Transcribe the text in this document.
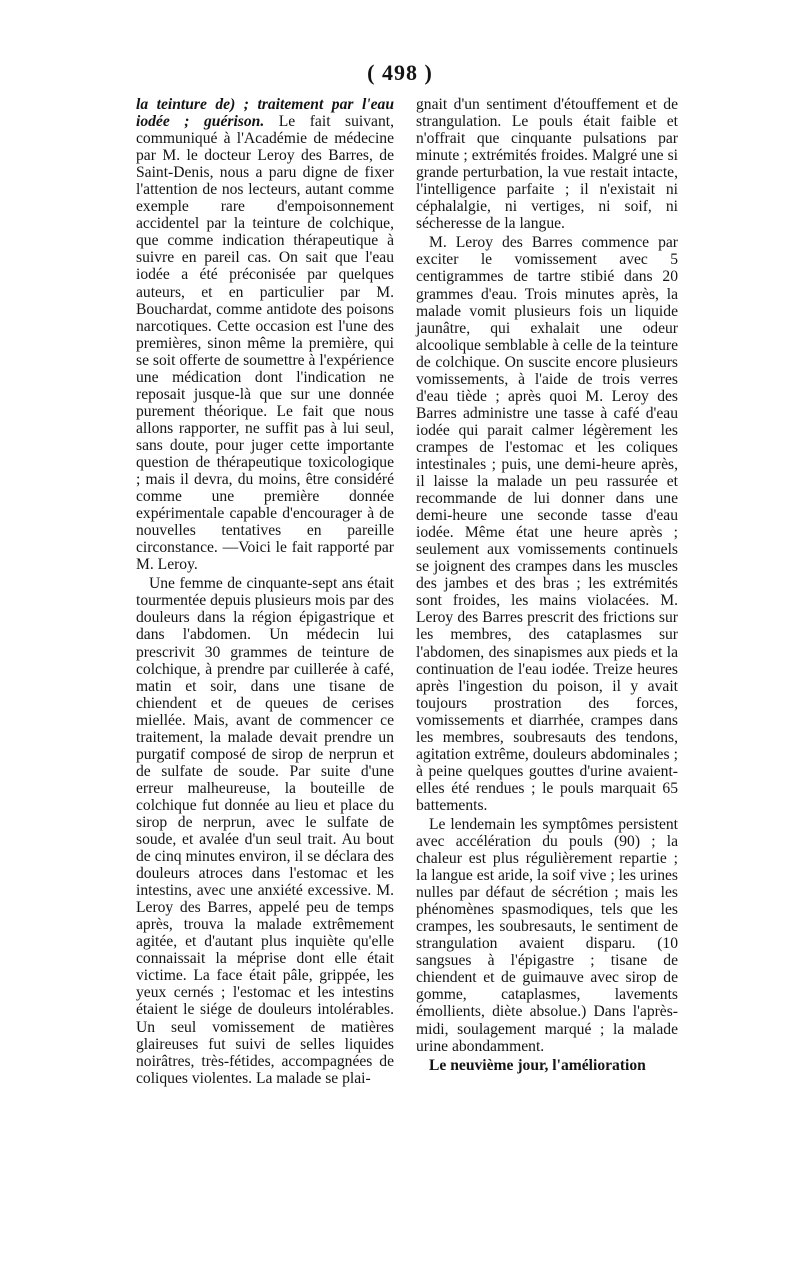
( 498 )

la teinture de) ; traitement par l'eau iodée ; guérison. Le fait suivant, communiqué à l'Académie de médecine par M. le docteur Leroy des Barres, de Saint-Denis, nous a paru digne de fixer l'attention de nos lecteurs, autant comme exemple rare d'empoisonnement accidentel par la teinture de colchique, que comme indication thérapeutique à suivre en pareil cas. On sait que l'eau iodée a été préconisée par quelques auteurs, et en particulier par M. Bouchardat, comme antidote des poisons narcotiques. Cette occasion est l'une des premières, sinon même la première, qui se soit offerte de soumettre à l'expérience une médication dont l'indication ne reposait jusque-là que sur une donnée purement théorique. Le fait que nous allons rapporter, ne suffit pas à lui seul, sans doute, pour juger cette importante question de thérapeutique toxicologique ; mais il devra, du moins, être considéré comme une première donnée expérimentale capable d'encourager à de nouvelles tentatives en pareille circonstance. —Voici le fait rapporté par M. Leroy.

Une femme de cinquante-sept ans était tourmentée depuis plusieurs mois par des douleurs dans la région épigastrique et dans l'abdomen. Un médecin lui prescrivit 30 grammes de teinture de colchique, à prendre par cuillerée à café, matin et soir, dans une tisane de chiendent et de queues de cerises miellée. Mais, avant de commencer ce traitement, la malade devait prendre un purgatif composé de sirop de nerprun et de sulfate de soude. Par suite d'une erreur malheureuse, la bouteille de colchique fut donnée au lieu et place du sirop de nerprun, avec le sulfate de soude, et avalée d'un seul trait. Au bout de cinq minutes environ, il se déclara des douleurs atroces dans l'estomac et les intestins, avec une anxiété excessive. M. Leroy des Barres, appelé peu de temps après, trouva la malade extrêmement agitée, et d'autant plus inquiète qu'elle connaissait la méprise dont elle était victime. La face était pâle, grippée, les yeux cernés ; l'estomac et les intestins étaient le siége de douleurs intolérables. Un seul vomissement de matières glaireuses fut suivi de selles liquides noirâtres, très-fétides, accompagnées de coliques violentes. La malade se plai-

gnait d'un sentiment d'étouffement et de strangulation. Le pouls était faible et n'offrait que cinquante pulsations par minute ; extrémités froides. Malgré une si grande perturbation, la vue restait intacte, l'intelligence parfaite ; il n'existait ni céphalalgie, ni vertiges, ni soif, ni sécheresse de la langue.

M. Leroy des Barres commence par exciter le vomissement avec 5 centigrammes de tartre stibié dans 20 grammes d'eau. Trois minutes après, la malade vomit plusieurs fois un liquide jaunâtre, qui exhalait une odeur alcoolique semblable à celle de la teinture de colchique. On suscite encore plusieurs vomissements, à l'aide de trois verres d'eau tiède ; après quoi M. Leroy des Barres administre une tasse à café d'eau iodée qui parait calmer légèrement les crampes de l'estomac et les coliques intestinales ; puis, une demi-heure après, il laisse la malade un peu rassurée et recommande de lui donner dans une demi-heure une seconde tasse d'eau iodée. Même état une heure après ; seulement aux vomissements continuels se joignent des crampes dans les muscles des jambes et des bras ; les extrémités sont froides, les mains violacées. M. Leroy des Barres prescrit des frictions sur les membres, des cataplasmes sur l'abdomen, des sinapismes aux pieds et la continuation de l'eau iodée. Treize heures après l'ingestion du poison, il y avait toujours prostration des forces, vomissements et diarrhée, crampes dans les membres, soubresauts des tendons, agitation extrême, douleurs abdominales ; à peine quelques gouttes d'urine avaient-elles été rendues ; le pouls marquait 65 battements.

Le lendemain les symptômes persistent avec accélération du pouls (90) ; la chaleur est plus régulièrement repartie ; la langue est aride, la soif vive ; les urines nulles par défaut de sécrétion ; mais les phénomènes spasmodiques, tels que les crampes, les soubresauts, le sentiment de strangulation avaient disparu. (10 sangsues à l'épigastre ; tisane de chiendent et de guimauve avec sirop de gomme, cataplasmes, lavements émollients, diète absolue.) Dans l'après-midi, soulagement marqué ; la malade urine abondamment.

Le neuvième jour, l'amélioration
